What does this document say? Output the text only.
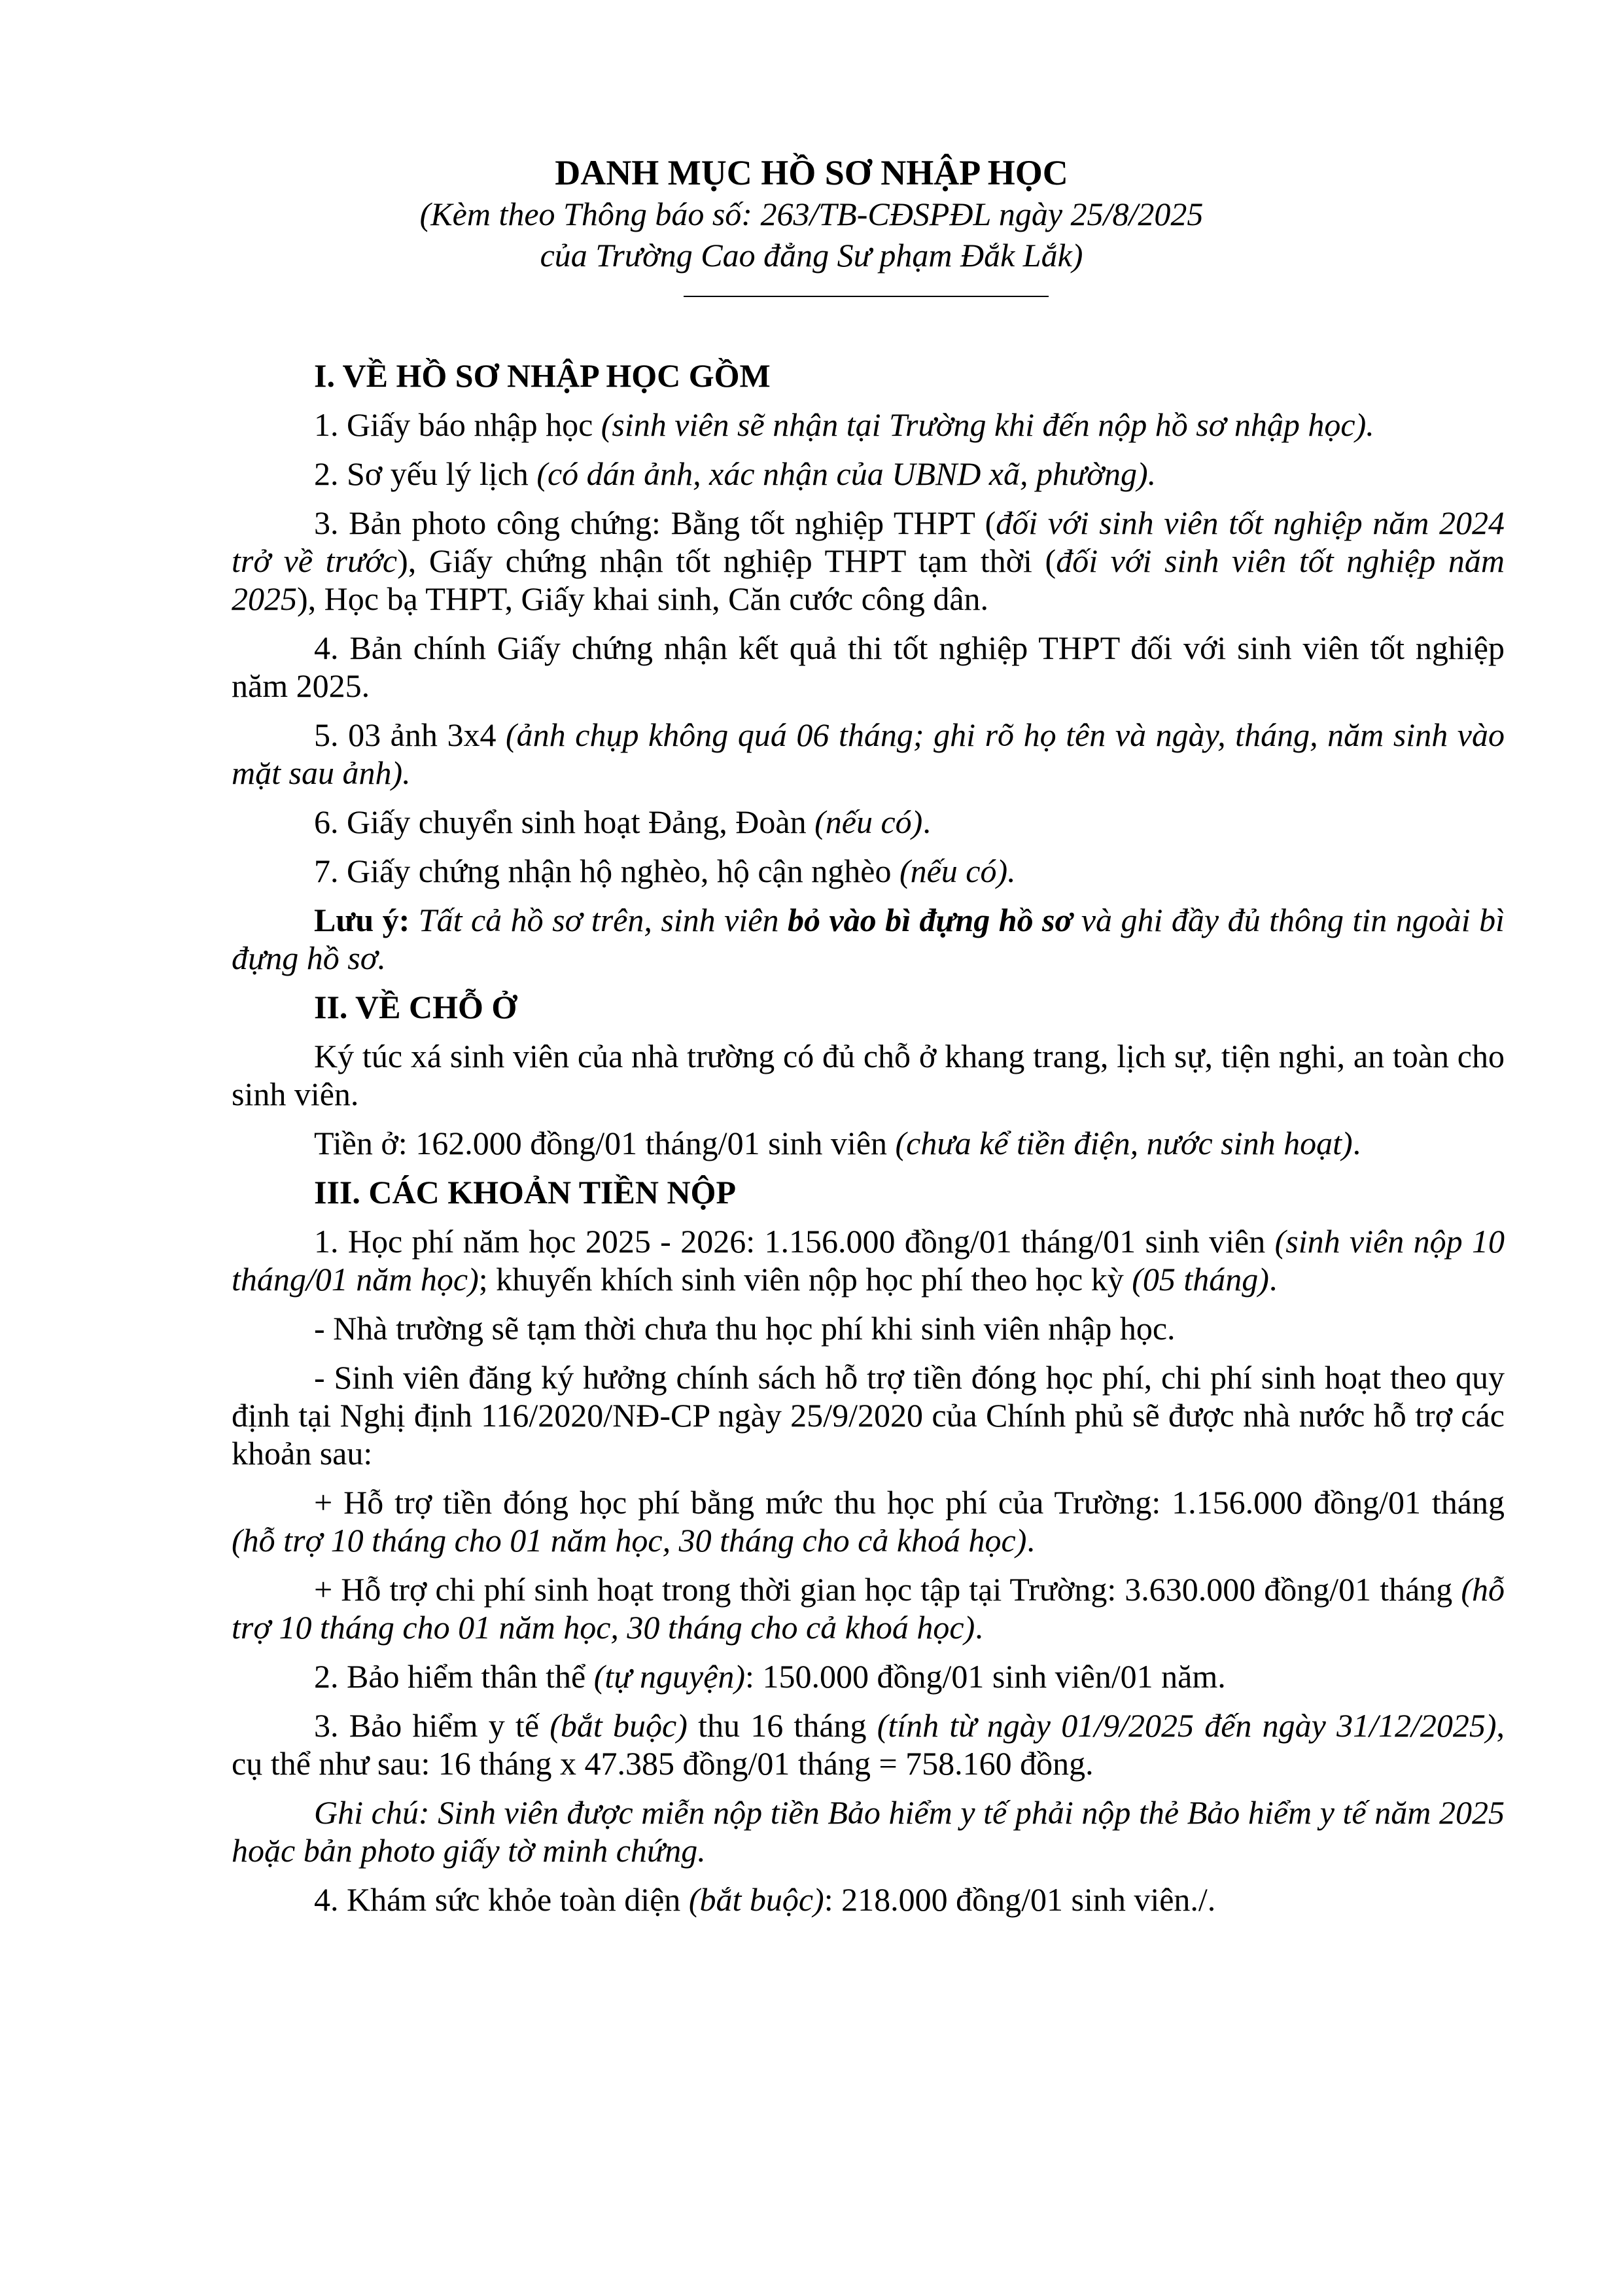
DANH MỤC HỒ SƠ NHẬP HỌC
(Kèm theo Thông báo số: 263/TB-CĐSPĐL ngày 25/8/2025
của Trường Cao đẳng Sư phạm Đắk Lắk)
I. VỀ HỒ SƠ NHẬP HỌC GỒM

1. Giấy báo nhập học (sinh viên sẽ nhận tại Trường khi đến nộp hồ sơ nhập học).

2. Sơ yếu lý lịch (có dán ảnh, xác nhận của UBND xã, phường).

3. Bản photo công chứng: Bằng tốt nghiệp THPT (đối với sinh viên tốt nghiệp năm 2024 trở về trước), Giấy chứng nhận tốt nghiệp THPT tạm thời (đối với sinh viên tốt nghiệp năm 2025), Học bạ THPT, Giấy khai sinh, Căn cước công dân.

4. Bản chính Giấy chứng nhận kết quả thi tốt nghiệp THPT đối với sinh viên tốt nghiệp năm 2025.

5. 03 ảnh 3x4 (ảnh chụp không quá 06 tháng; ghi rõ họ tên và ngày, tháng, năm sinh vào mặt sau ảnh).

6. Giấy chuyển sinh hoạt Đảng, Đoàn (nếu có).

7. Giấy chứng nhận hộ nghèo, hộ cận nghèo (nếu có).

Lưu ý: Tất cả hồ sơ trên, sinh viên bỏ vào bì đựng hồ sơ và ghi đầy đủ thông tin ngoài bì đựng hồ sơ.

II. VỀ CHỖ Ở

Ký túc xá sinh viên của nhà trường có đủ chỗ ở khang trang, lịch sự, tiện nghi, an toàn cho sinh viên.

Tiền ở: 162.000 đồng/01 tháng/01 sinh viên (chưa kể tiền điện, nước sinh hoạt).

III. CÁC KHOẢN TIỀN NỘP

1. Học phí năm học 2025 - 2026: 1.156.000 đồng/01 tháng/01 sinh viên (sinh viên nộp 10 tháng/01 năm học); khuyến khích sinh viên nộp học phí theo học kỳ (05 tháng).

- Nhà trường sẽ tạm thời chưa thu học phí khi sinh viên nhập học.

- Sinh viên đăng ký hưởng chính sách hỗ trợ tiền đóng học phí, chi phí sinh hoạt theo quy định tại Nghị định 116/2020/NĐ-CP ngày 25/9/2020 của Chính phủ sẽ được nhà nước hỗ trợ các khoản sau:

+ Hỗ trợ tiền đóng học phí bằng mức thu học phí của Trường: 1.156.000 đồng/01 tháng (hỗ trợ 10 tháng cho 01 năm học, 30 tháng cho cả khoá học).

+ Hỗ trợ chi phí sinh hoạt trong thời gian học tập tại Trường: 3.630.000 đồng/01 tháng (hỗ trợ 10 tháng cho 01 năm học, 30 tháng cho cả khoá học).

2. Bảo hiểm thân thể (tự nguyện): 150.000 đồng/01 sinh viên/01 năm.

3. Bảo hiểm y tế (bắt buộc) thu 16 tháng (tính từ ngày 01/9/2025 đến ngày 31/12/2025), cụ thể như sau: 16 tháng x 47.385 đồng/01 tháng = 758.160 đồng.

Ghi chú: Sinh viên được miễn nộp tiền Bảo hiểm y tế phải nộp thẻ Bảo hiểm y tế năm 2025 hoặc bản photo giấy tờ minh chứng.

4. Khám sức khỏe toàn diện (bắt buộc): 218.000 đồng/01 sinh viên./.
